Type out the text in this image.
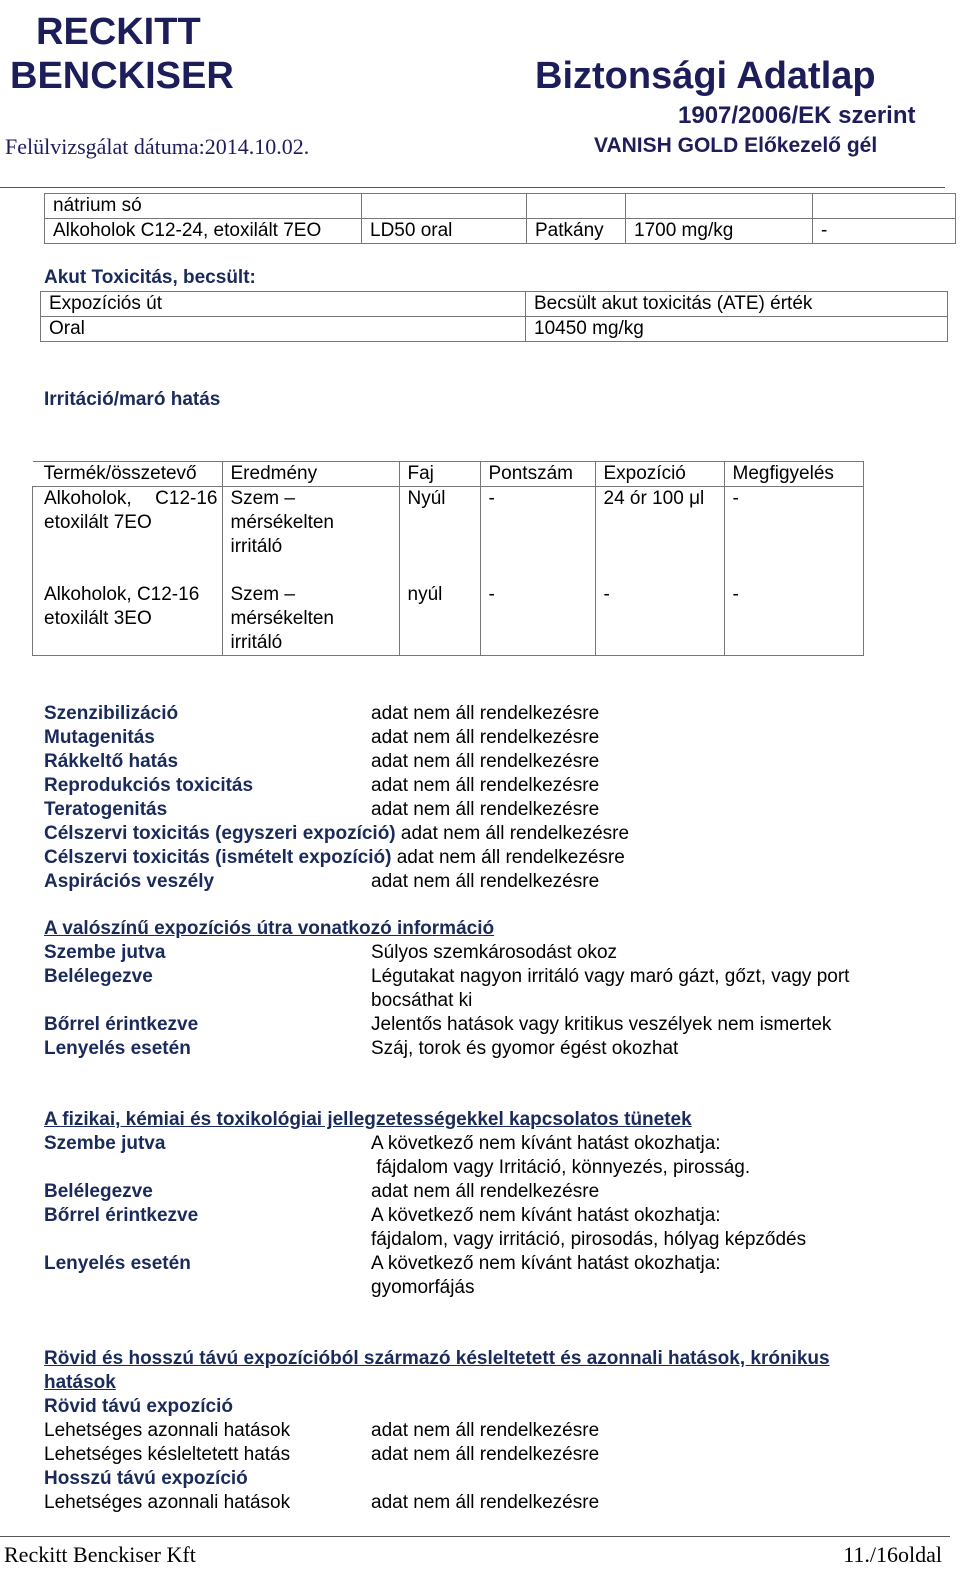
RECKITT
BENCKISER	Biztonsági Adatlap
1907/2006/EK szerint
Felülvizsgálat dátuma:2014.10.02.	VANISH GOLD Előkezelő gél
nátrium só				
Alkoholok C12-24, etoxilált 7EO	LD50 oral	Patkány	1700 mg/kg	-
Akut Toxicitás, becsült:
Expozíciós út	Becsült akut toxicitás (ATE) érték
Oral	10450 mg/kg
Irritáció/maró hatás
Termék/összetevő	Eredmény	Faj	Pontszám	Expozíció	Megfigyelés
Alkoholok, C12-16 etoxilált 7EO	Szem – mérsékelten irritáló	Nyúl	-	24 ór 100 μl	-
Alkoholok, C12-16 etoxilált 3EO	Szem – mérsékelten irritáló	nyúl	-	-	-
Szenzibilizáció	adat nem áll rendelkezésre
Mutagenitás	adat nem áll rendelkezésre
Rákkeltő hatás	adat nem áll rendelkezésre
Reprodukciós toxicitás	adat nem áll rendelkezésre
Teratogenitás	adat nem áll rendelkezésre
Célszervi toxicitás (egyszeri expozíció) adat nem áll rendelkezésre
Célszervi toxicitás (ismételt expozíció) adat nem áll rendelkezésre
Aspirációs veszély	adat nem áll rendelkezésre
A valószínű expozíciós útra vonatkozó információ
Szembe jutva	Súlyos szemkárosodást okoz
Belélegezve	Légutakat nagyon irritáló vagy maró gázt, gőzt, vagy port
bocsáthat ki
Bőrrel érintkezve	Jelentős hatások vagy kritikus veszélyek nem ismertek
Lenyelés esetén	Száj, torok és gyomor égést okozhat
A fizikai, kémiai és toxikológiai jellegzetességekkel kapcsolatos tünetek
Szembe jutva	A következő nem kívánt hatást okozhatja:
fájdalom vagy Irritáció, könnyezés, pirosság.
Belélegezve	adat nem áll rendelkezésre
Bőrrel érintkezve	A következő nem kívánt hatást okozhatja:
fájdalom, vagy irritáció, pirosodás, hólyag képződés
Lenyelés esetén	A következő nem kívánt hatást okozhatja:
gyomorfájás
Rövid és hosszú távú expozícióból származó késleltetett és azonnali hatások, krónikus
hatások
Rövid távú expozíció
Lehetséges azonnali hatások	adat nem áll rendelkezésre
Lehetséges késleltetett hatás	adat nem áll rendelkezésre
Hosszú távú expozíció
Lehetséges azonnali hatások	adat nem áll rendelkezésre
Reckitt Benckiser Kft	11./16oldal
